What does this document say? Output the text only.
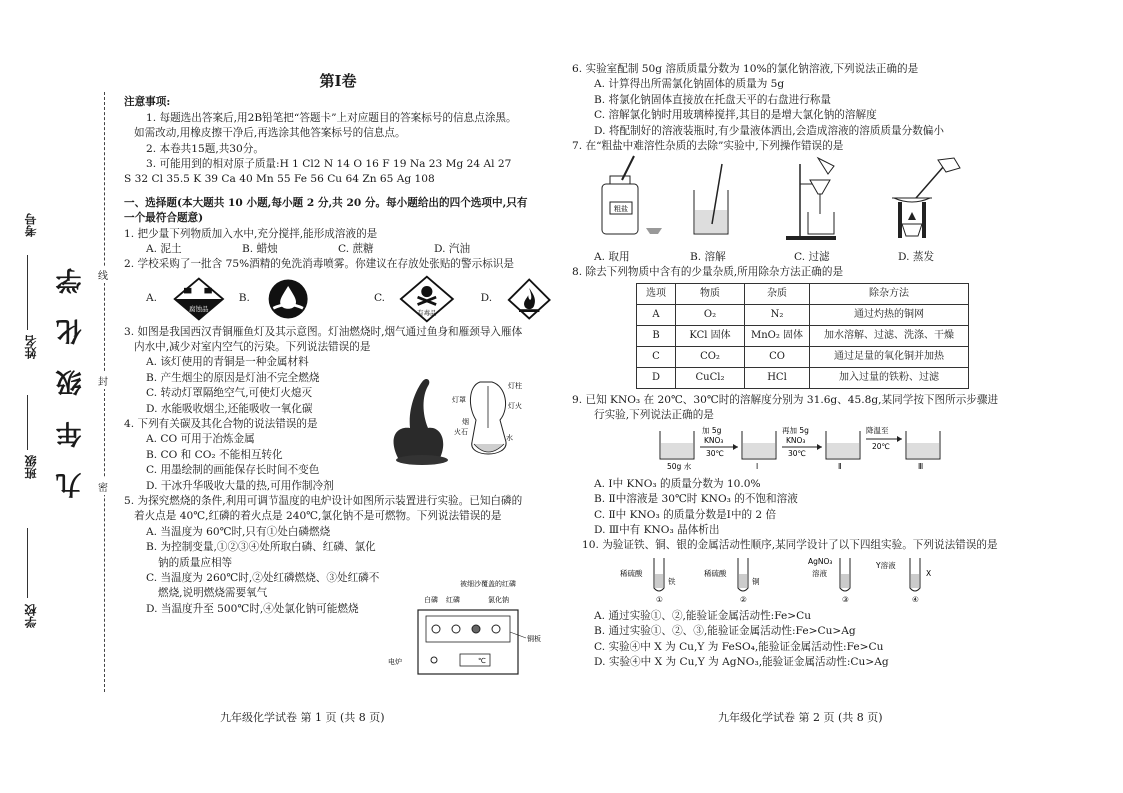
学校
班级
姓名
考号
九 年 级 化 学	线
封
密
第Ⅰ卷
注意事项:
1. 每题选出答案后,用2B铅笔把“答题卡”上对应题目的答案标号的信息点涂黑。
如需改动,用橡皮擦干净后,再选涂其他答案标号的信息点。
2. 本卷共15题,共30分。
3. 可能用到的相对原子质量:H 1 Cl2 N 14 O 16 F 19 Na 23 Mg 24 Al 27
S 32 Cl 35.5 K 39 Ca 40 Mn 55 Fe 56 Cu 64 Zn 65 Ag 108
一、选择题(本大题共 10 小题,每小题 2 分,共 20 分。每小题给出的四个选项中,只有
一个最符合题意)
1. 把少量下列物质加入水中,充分搅拌,能形成溶液的是
A. 泥土	B. 蜡烛	C. 蔗糖	D. 汽油
2. 学校采购了一批含 75%酒精的免洗消毒喷雾。你建议在存放处张贴的警示标识是
A.
腐蚀品
B.	C.
有毒品
D.
3. 如图是我国西汉青铜雁鱼灯及其示意图。灯油燃烧时,烟气通过鱼身和雁颈导入雁体
内水中,减少对室内空气的污染。下列说法错误的是
A. 该灯使用的青铜是一种金属材料
B. 产生烟尘的原因是灯油不完全燃烧
C. 转动灯罩隔绝空气,可使灯火熄灭
D. 水能吸收烟尘,还能吸收一氧化碳
4. 下列有关碳及其化合物的说法错误的是
A. CO 可用于冶炼金属
B. CO 和 CO₂ 不能相互转化
C. 用墨绘制的画能保存长时间不变色
D. 干冰升华吸收大量的热,可用作制冷剂
5. 为探究燃烧的条件,利用可调节温度的电炉设计如图所示装置进行实验。已知白磷的
着火点是 40℃,红磷的着火点是 240℃,氯化钠不是可燃物。下列说法错误的是
A. 当温度为 60℃时,只有①处白磷燃烧
B. 为控制变量,①②③④处所取白磷、红磷、氯化
钠的质量应相等
C. 当温度为 260℃时,②处红磷燃烧、③处红磷不
燃烧,说明燃烧需要氧气
D. 当温度升至 500℃时,④处氯化钠可能燃烧
灯罩
灯柱
灯火
烟
火石
水
被细沙覆盖的红磷
白磷 红磷	氯化钠
铜板
℃
电炉
九年级化学试卷 第 1 页 (共 8 页)
6. 实验室配制 50g 溶质质量分数为 10%的氯化钠溶液,下列说法正确的是
A. 计算得出所需氯化钠固体的质量为 5g
B. 将氯化钠固体直接放在托盘天平的右盘进行称量
C. 溶解氯化钠时用玻璃棒搅拌,其目的是增大氯化钠的溶解度
D. 将配制好的溶液装瓶时,有少量液体洒出,会造成溶液的溶质质量分数偏小
7. 在“粗盐中难溶性杂质的去除”实验中,下列操作错误的是
粗盐
A. 取用	B. 溶解	C. 过滤	D. 蒸发
8. 除去下列物质中含有的少量杂质,所用除杂方法正确的是
选项	物质	杂质	除杂方法
A	O₂	N₂	通过灼热的铜网
B	KCl 固体	MnO₂ 固体	加水溶解、过滤、洗涤、干燥
C	CO₂	CO	通过足量的氧化铜并加热
D	CuCl₂	HCl	加入过量的铁粉、过滤
9. 已知 KNO₃ 在 20℃、30℃时的溶解度分别为 31.6g、45.8g,某同学按下图所示步骤进
行实验,下列说法正确的是
50g 水
加 5g
KNO₃
30℃
Ⅰ
再加 5g
KNO₃
30℃
Ⅱ
降温至
20℃
Ⅲ
A. Ⅰ中 KNO₃ 的质量分数为 10.0%
B. Ⅱ中溶液是 30℃时 KNO₃ 的不饱和溶液
C. Ⅱ中 KNO₃ 的质量分数是Ⅰ中的 2 倍
D. Ⅲ中有 KNO₃ 晶体析出
10. 为验证铁、铜、银的金属活动性顺序,某同学设计了以下四组实验。下列说法错误的是
稀硫酸
铁
①
稀硫酸
铜
②
AgNO₃
溶液
③
Y溶液
X
④
A. 通过实验①、②,能验证金属活动性:Fe>Cu
B. 通过实验①、②、③,能验证金属活动性:Fe>Cu>Ag
C. 实验④中 X 为 Cu,Y 为 FeSO₄,能验证金属活动性:Fe>Cu
D. 实验④中 X 为 Cu,Y 为 AgNO₃,能验证金属活动性:Cu>Ag
九年级化学试卷 第 2 页 (共 8 页)
